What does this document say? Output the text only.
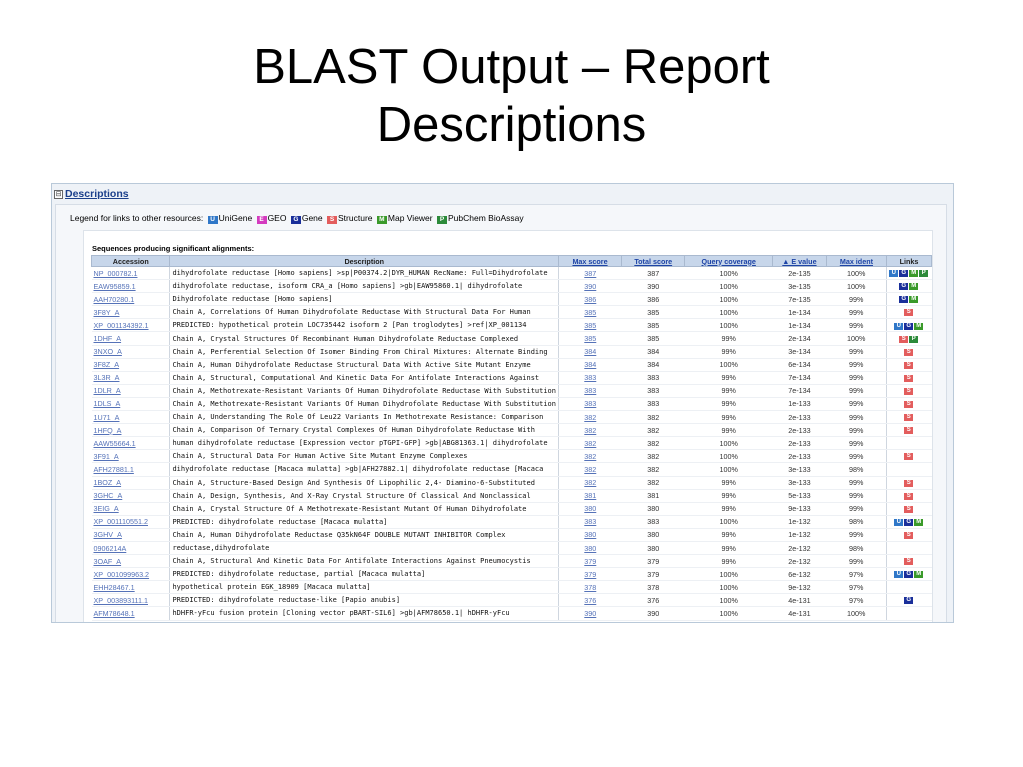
BLAST Output – Report
Descriptions
⊟ Descriptions
Legend for links to other resources: U UniGene E GEO G Gene S Structure M Map Viewer P PubChem BioAssay
Sequences producing significant alignments:
Accession	Description	Max score	Total score	Query coverage	▲ E value	Max ident	Links
NP_000782.1	dihydrofolate reductase [Homo sapiens] >sp|P00374.2|DYR_HUMAN RecName: Full=Dihydrofolate	387	387	100%	2e-135	100%	U G M P
EAW95859.1	dihydrofolate reductase, isoform CRA_a [Homo sapiens] >gb|EAW95860.1| dihydrofolate	390	390	100%	3e-135	100%	G M
AAH70280.1	Dihydrofolate reductase [Homo sapiens]	386	386	100%	7e-135	99%	G M
3F8Y_A	Chain A, Correlations Of Human Dihydrofolate Reductase With Structural Data For Human	385	385	100%	1e-134	99%	S
XP_001134392.1	PREDICTED: hypothetical protein LOC735442 isoform 2 [Pan troglodytes] >ref|XP_001134	385	385	100%	1e-134	99%	U G M
1DHF_A	Chain A, Crystal Structures Of Recombinant Human Dihydrofolate Reductase Complexed	385	385	99%	2e-134	100%	S P
3NXO_A	Chain A, Perferential Selection Of Isomer Binding From Chiral Mixtures: Alternate Binding	384	384	99%	3e-134	99%	S
3F8Z_A	Chain A, Human Dihydrofolate Reductase Structural Data With Active Site Mutant Enzyme	384	384	100%	6e-134	99%	S
3L3R_A	Chain A, Structural, Computational And Kinetic Data For Antifolate Interactions Against	383	383	99%	7e-134	99%	S
1DLR_A	Chain A, Methotrexate-Resistant Variants Of Human Dihydrofolate Reductase With Substitution	383	383	99%	7e-134	99%	S
1DLS_A	Chain A, Methotrexate-Resistant Variants Of Human Dihydrofolate Reductase With Substitution	383	383	99%	1e-133	99%	S
1U71_A	Chain A, Understanding The Role Of Leu22 Variants In Methotrexate Resistance: Comparison	382	382	99%	2e-133	99%	S
1HFQ_A	Chain A, Comparison Of Ternary Crystal Complexes Of Human Dihydrofolate Reductase With	382	382	99%	2e-133	99%	S
AAW55664.1	human dihydrofolate reductase [Expression vector pTGPI-GFP] >gb|ABG81363.1| dihydrofolate	382	382	100%	2e-133	99%	
3F91_A	Chain A, Structural Data For Human Active Site Mutant Enzyme Complexes	382	382	100%	2e-133	99%	S
AFH27881.1	dihydrofolate reductase [Macaca mulatta] >gb|AFH27882.1| dihydrofolate reductase [Macaca	382	382	100%	3e-133	98%	
1BOZ_A	Chain A, Structure-Based Design And Synthesis Of Lipophilic 2,4- Diamino-6-Substituted	382	382	99%	3e-133	99%	S
3GHC_A	Chain A, Design, Synthesis, And X-Ray Crystal Structure Of Classical And Nonclassical	381	381	99%	5e-133	99%	S
3EIG_A	Chain A, Crystal Structure Of A Methotrexate-Resistant Mutant Of Human Dihydrofolate	380	380	99%	9e-133	99%	S
XP_001110551.2	PREDICTED: dihydrofolate reductase [Macaca mulatta]	383	383	100%	1e-132	98%	U G M
3GHV_A	Chain A, Human Dihydrofolate Reductase Q35kN64F DOUBLE MUTANT INHIBITOR Complex	380	380	99%	1e-132	99%	S
0906214A	reductase,dihydrofolate	380	380	99%	2e-132	98%	
3OAF_A	Chain A, Structural And Kinetic Data For Antifolate Interactions Against Pneumocystis	379	379	99%	2e-132	99%	S
XP_001099963.2	PREDICTED: dihydrofolate reductase, partial [Macaca mulatta]	379	379	100%	6e-132	97%	U G M
EHH28467.1	hypothetical protein EGK_18909 [Macaca mulatta]	378	378	100%	9e-132	97%	
XP_003893111.1	PREDICTED: dihydrofolate reductase-like [Papio anubis]	376	376	100%	4e-131	97%	G
AFM78648.1	hDHFR-yFcu fusion protein [Cloning vector pBART-SIL6] >gb|AFM78650.1| hDHFR-yFcu	390	390	100%	4e-131	100%	
